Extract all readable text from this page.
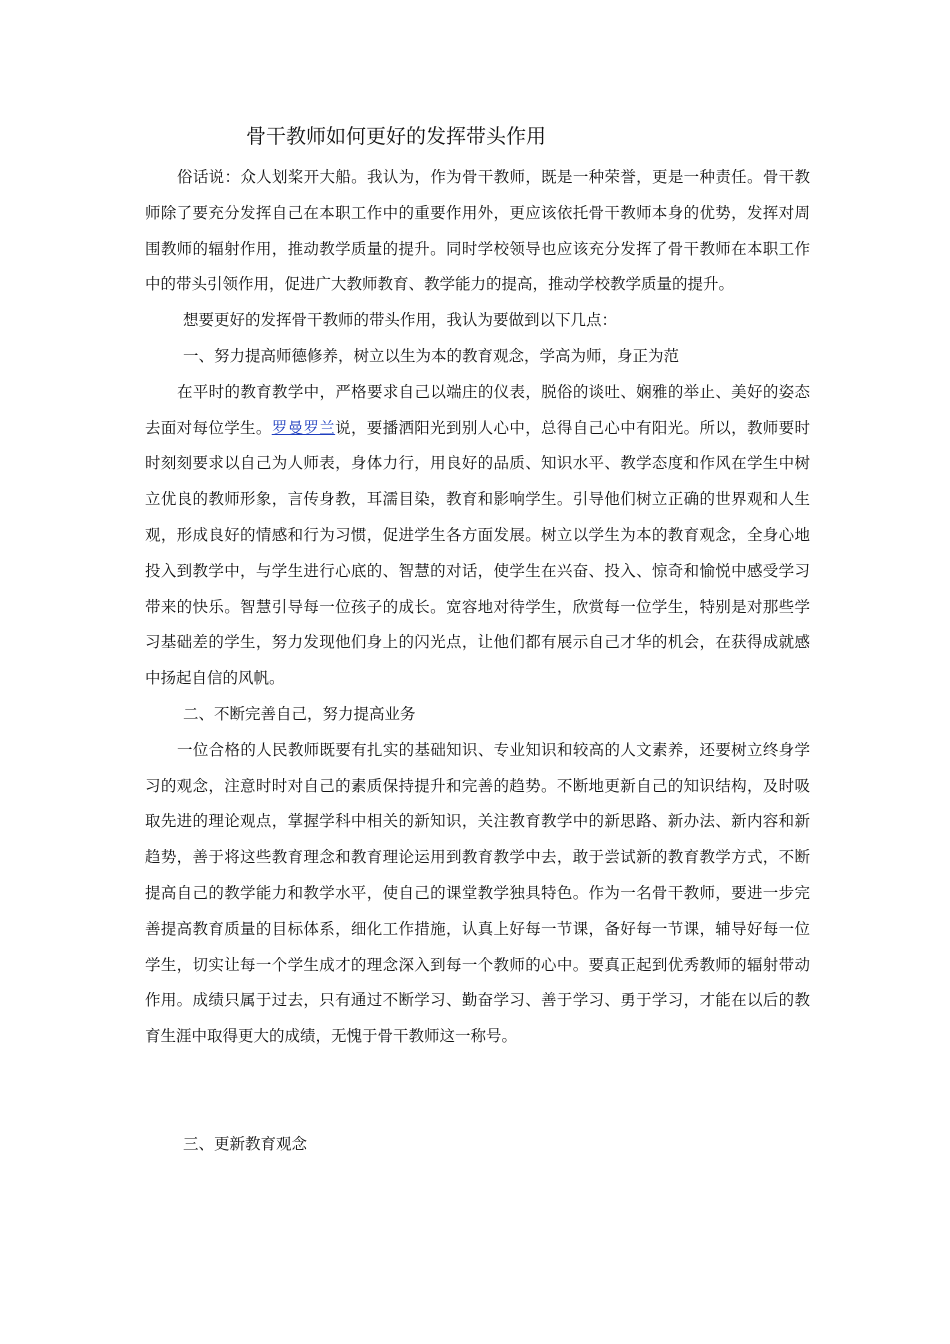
骨干教师如何更好的发挥带头作用

俗话说：众人划桨开大船。我认为，作为骨干教师，既是一种荣誉，更是一种责任。骨干教师除了要充分发挥自己在本职工作中的重要作用外，更应该依托骨干教师本身的优势，发挥对周围教师的辐射作用，推动教学质量的提升。同时学校领导也应该充分发挥了骨干教师在本职工作中的带头引领作用，促进广大教师教育、教学能力的提高，推动学校教学质量的提升。

想要更好的发挥骨干教师的带头作用，我认为要做到以下几点：

一、努力提高师德修养，树立以生为本的教育观念，学高为师，身正为范

在平时的教育教学中，严格要求自己以端庄的仪表，脱俗的谈吐、娴雅的举止、美好的姿态去面对每位学生。罗曼罗兰说，要播洒阳光到别人心中，总得自己心中有阳光。所以，教师要时时刻刻要求以自己为人师表，身体力行，用良好的品质、知识水平、教学态度和作风在学生中树立优良的教师形象，言传身教，耳濡目染，教育和影响学生。引导他们树立正确的世界观和人生观，形成良好的情感和行为习惯，促进学生各方面发展。树立以学生为本的教育观念，全身心地投入到教学中，与学生进行心底的、智慧的对话，使学生在兴奋、投入、惊奇和愉悦中感受学习带来的快乐。智慧引导每一位孩子的成长。宽容地对待学生，欣赏每一位学生，特别是对那些学习基础差的学生，努力发现他们身上的闪光点，让他们都有展示自己才华的机会，在获得成就感中扬起自信的风帆。

二、不断完善自己，努力提高业务

一位合格的人民教师既要有扎实的基础知识、专业知识和较高的人文素养，还要树立终身学习的观念，注意时时对自己的素质保持提升和完善的趋势。不断地更新自己的知识结构，及时吸取先进的理论观点，掌握学科中相关的新知识，关注教育教学中的新思路、新办法、新内容和新趋势，善于将这些教育理念和教育理论运用到教育教学中去，敢于尝试新的教育教学方式，不断提高自己的教学能力和教学水平，使自己的课堂教学独具特色。作为一名骨干教师，要进一步完善提高教育质量的目标体系，细化工作措施，认真上好每一节课，备好每一节课，辅导好每一位学生，切实让每一个学生成才的理念深入到每一个教师的心中。要真正起到优秀教师的辐射带动作用。成绩只属于过去，只有通过不断学习、勤奋学习、善于学习、勇于学习，才能在以后的教育生涯中取得更大的成绩，无愧于骨干教师这一称号。

三、更新教育观念
